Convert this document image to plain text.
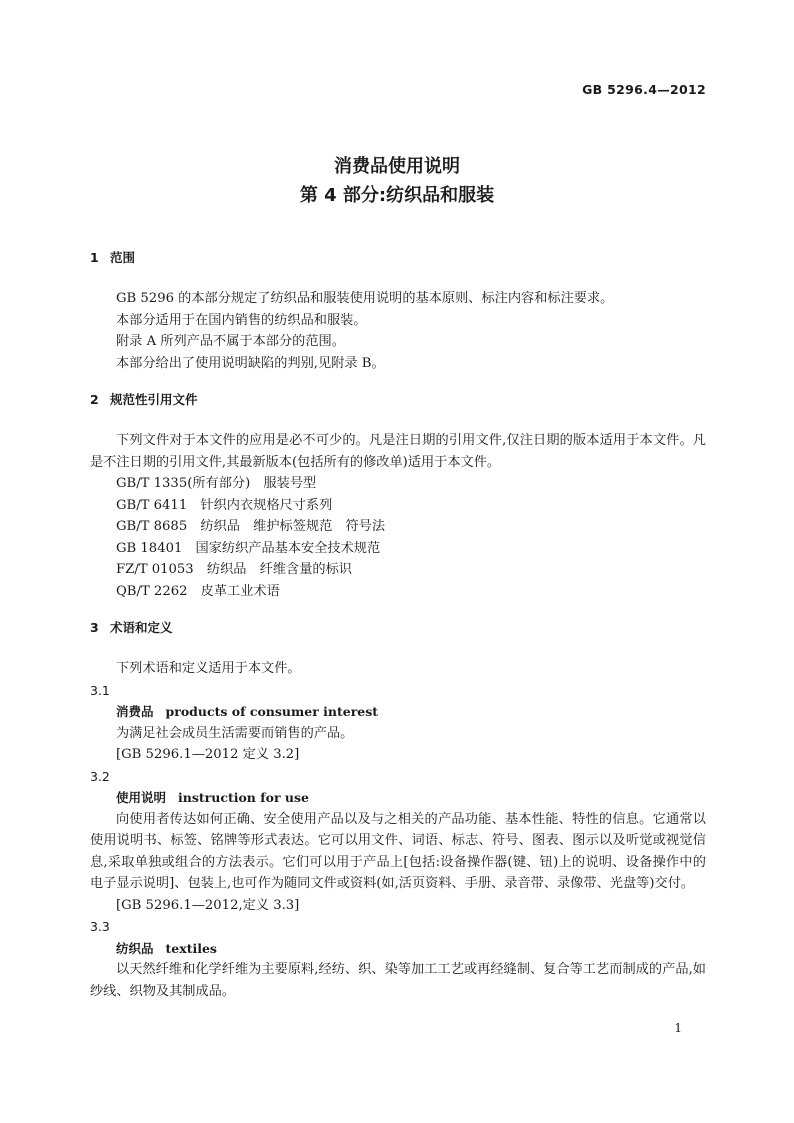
GB 5296.4—2012
消费品使用说明
第 4 部分:纺织品和服装
1 范围
GB 5296 的本部分规定了纺织品和服装使用说明的基本原则、标注内容和标注要求。
本部分适用于在国内销售的纺织品和服装。
附录 A 所列产品不属于本部分的范围。
本部分给出了使用说明缺陷的判别,见附录 B。
2 规范性引用文件
下列文件对于本文件的应用是必不可少的。凡是注日期的引用文件,仅注日期的版本适用于本文件。凡是不注日期的引用文件,其最新版本(包括所有的修改单)适用于本文件。
GB/T 1335(所有部分)　服装号型
GB/T 6411　针织内衣规格尺寸系列
GB/T 8685　纺织品　维护标签规范　符号法
GB 18401　国家纺织产品基本安全技术规范
FZ/T 01053　纺织品　纤维含量的标识
QB/T 2262　皮革工业术语
3 术语和定义
下列术语和定义适用于本文件。
3.1
消费品 products of consumer interest
为满足社会成员生活需要而销售的产品。
[GB 5296.1—2012 定义 3.2]
3.2
使用说明 instruction for use
向使用者传达如何正确、安全使用产品以及与之相关的产品功能、基本性能、特性的信息。它通常以使用说明书、标签、铭牌等形式表达。它可以用文件、词语、标志、符号、图表、图示以及听觉或视觉信息,采取单独或组合的方法表示。它们可以用于产品上[包括:设备操作器(键、钮)上的说明、设备操作中的电子显示说明]、包装上,也可作为随同文件或资料(如,活页资料、手册、录音带、录像带、光盘等)交付。
[GB 5296.1—2012,定义 3.3]
3.3
纺织品 textiles
以天然纤维和化学纤维为主要原料,经纺、织、染等加工工艺或再经缝制、复合等工艺而制成的产品,如纱线、织物及其制成品。
1
